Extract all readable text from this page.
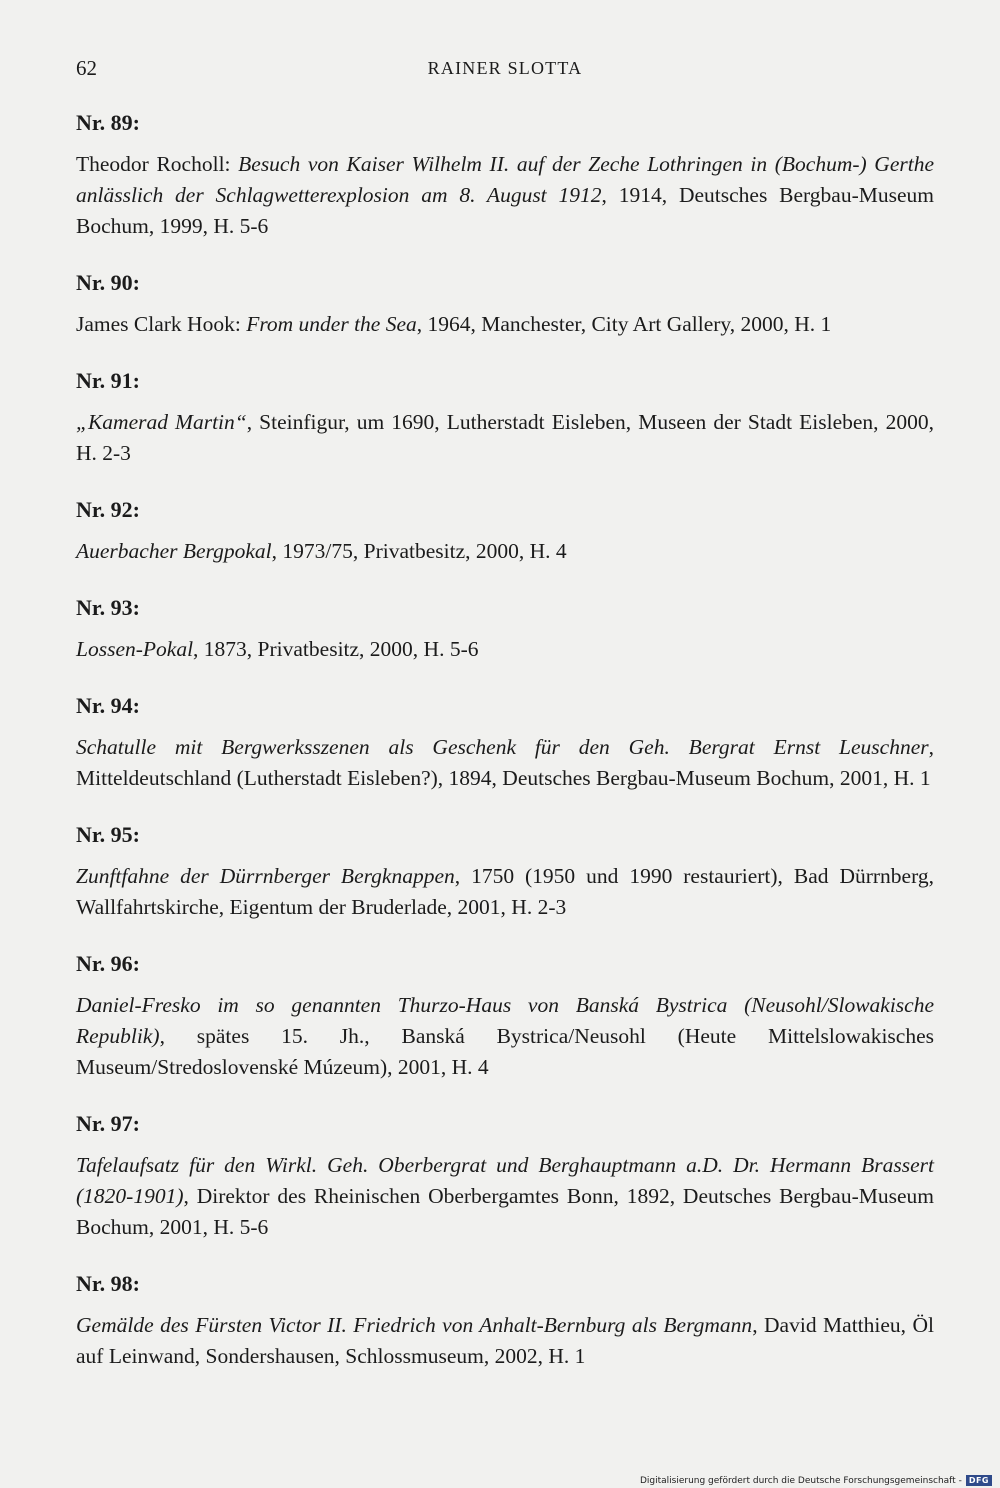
62	RAINER SLOTTA
Nr. 89:
Theodor Rocholl: Besuch von Kaiser Wilhelm II. auf der Zeche Lothringen in (Bochum-) Gerthe anlässlich der Schlagwetterexplosion am 8. August 1912, 1914, Deutsches Bergbau-Museum Bochum, 1999, H. 5-6
Nr. 90:
James Clark Hook: From under the Sea, 1964, Manchester, City Art Gallery, 2000, H. 1
Nr. 91:
„Kamerad Martin“, Steinfigur, um 1690, Lutherstadt Eisleben, Museen der Stadt Eisleben, 2000, H. 2-3
Nr. 92:
Auerbacher Bergpokal, 1973/75, Privatbesitz, 2000, H. 4
Nr. 93:
Lossen-Pokal, 1873, Privatbesitz, 2000, H. 5-6
Nr. 94:
Schatulle mit Bergwerksszenen als Geschenk für den Geh. Bergrat Ernst Leuschner, Mitteldeutschland (Lutherstadt Eisleben?), 1894, Deutsches Bergbau-Museum Bochum, 2001, H. 1
Nr. 95:
Zunftfahne der Dürrnberger Bergknappen, 1750 (1950 und 1990 restauriert), Bad Dürrnberg, Wallfahrtskirche, Eigentum der Bruderlade, 2001, H. 2-3
Nr. 96:
Daniel-Fresko im so genannten Thurzo-Haus von Banská Bystrica (Neusohl/Slowakische Republik), spätes 15. Jh., Banská Bystrica/Neusohl (Heute Mittelslowakisches Museum/Stredoslovenské Múzeum), 2001, H. 4
Nr. 97:
Tafelaufsatz für den Wirkl. Geh. Oberbergrat und Berghauptmann a.D. Dr. Hermann Brassert (1820-1901), Direktor des Rheinischen Oberbergamtes Bonn, 1892, Deutsches Bergbau-Museum Bochum, 2001, H. 5-6
Nr. 98:
Gemälde des Fürsten Victor II. Friedrich von Anhalt-Bernburg als Bergmann, David Matthieu, Öl auf Leinwand, Sondershausen, Schlossmuseum, 2002, H. 1
Digitalisierung gefördert durch die Deutsche Forschungsgemeinschaft - DFG
